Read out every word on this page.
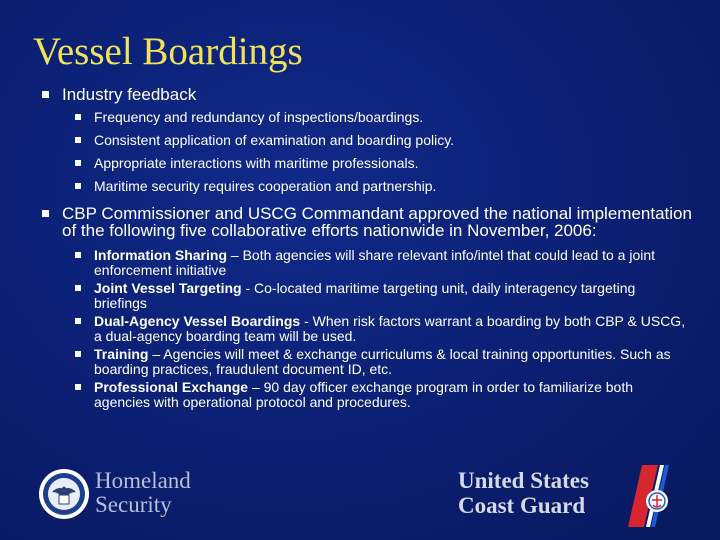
Vessel Boardings
Industry feedback
Frequency and redundancy of inspections/boardings.
Consistent application of examination and boarding policy.
Appropriate interactions with maritime professionals.
Maritime security requires cooperation and partnership.
CBP Commissioner and USCG Commandant approved the national implementation of the following five collaborative efforts nationwide in November, 2006:
Information Sharing – Both agencies will share relevant info/intel that could lead to a joint enforcement initiative
Joint Vessel Targeting - Co-located maritime targeting unit, daily interagency targeting briefings
Dual-Agency Vessel Boardings - When risk factors warrant a boarding by both CBP & USCG, a dual-agency boarding team will be used.
Training – Agencies will meet & exchange curriculums & local training opportunities. Such as boarding practices, fraudulent document ID, etc.
Professional Exchange – 90 day officer exchange program in order to familiarize both agencies with operational protocol and procedures.
Homeland
Security
United States
Coast Guard
